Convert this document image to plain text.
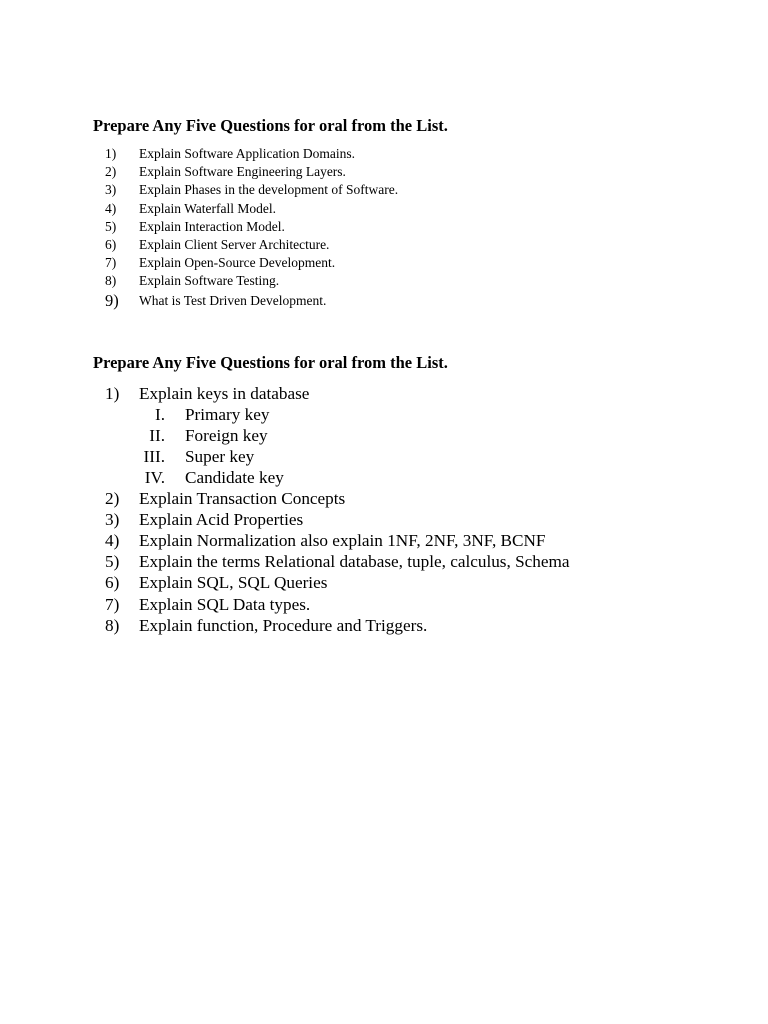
Prepare Any Five Questions for oral from the List.

1)	Explain Software Application Domains.
2)	Explain Software Engineering Layers.
3)	Explain Phases in the development of Software.
4)	Explain Waterfall Model.
5)	Explain Interaction Model.
6)	Explain Client Server Architecture.
7)	Explain Open-Source Development.
8)	Explain Software Testing.
9)	What is Test Driven Development.

Prepare Any Five Questions for oral from the List.

1)	Explain keys in database
I. Primary key
II. Foreign key
III. Super key
IV. Candidate key
2)	Explain Transaction Concepts
3)	Explain Acid Properties
4)	Explain Normalization also explain 1NF, 2NF, 3NF, BCNF
5)	Explain the terms Relational database, tuple, calculus, Schema
6)	Explain SQL, SQL Queries
7)	Explain SQL Data types.
8)	Explain function, Procedure and Triggers.
